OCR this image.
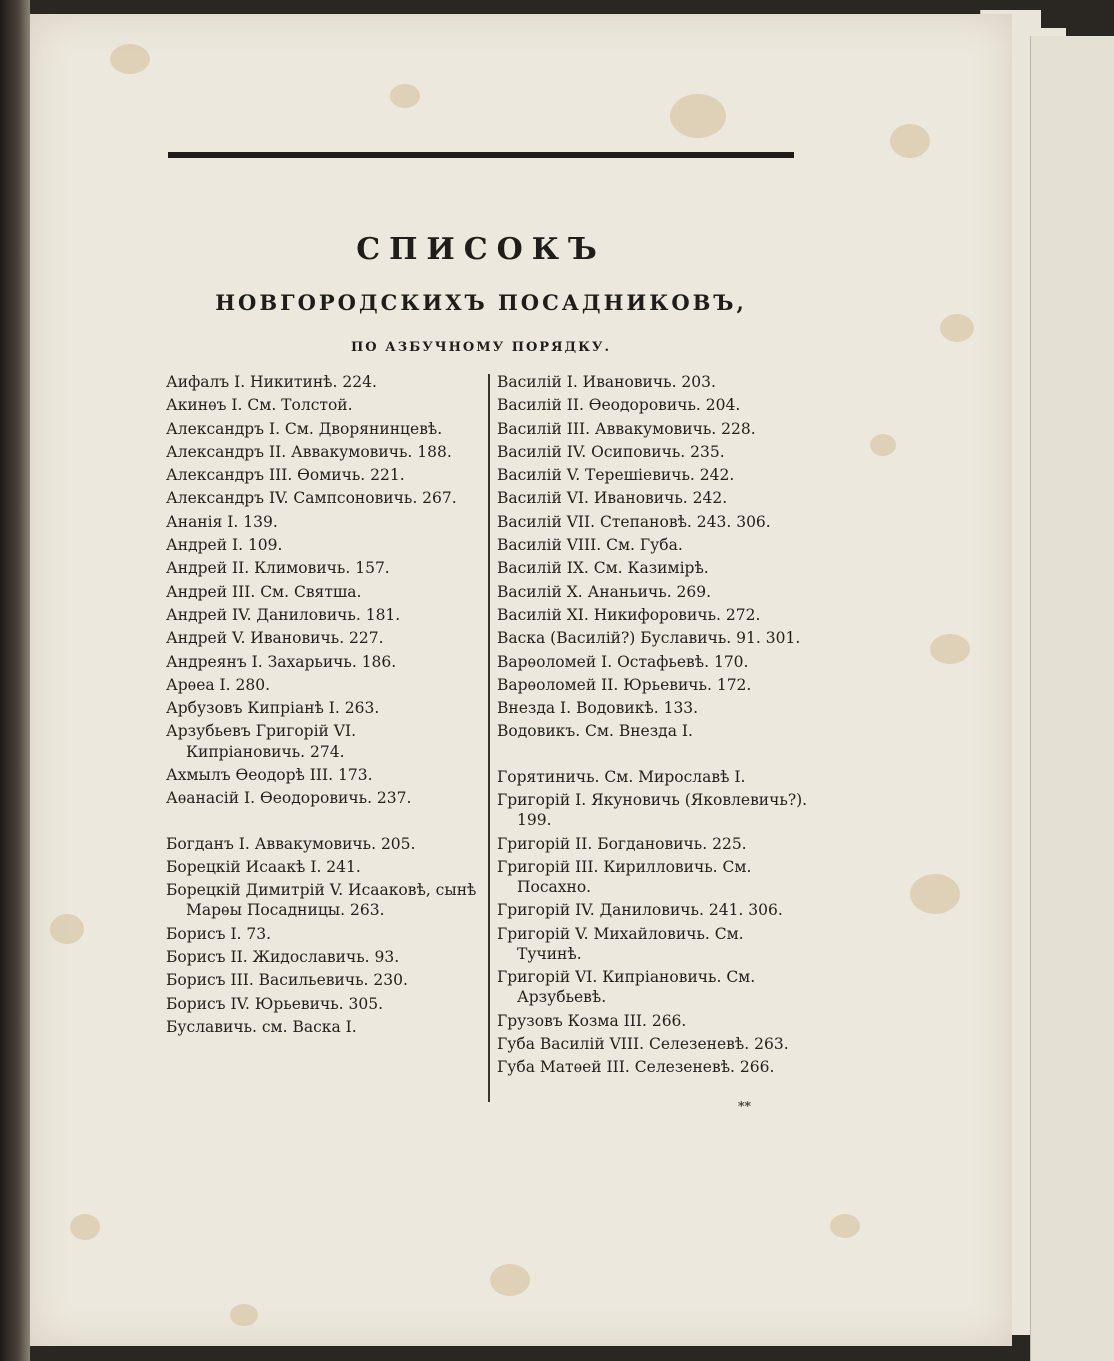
СПИСОКЪ
НОВГОРОДСКИХЪ ПОСАДНИКОВЪ,
ПО АЗБУЧНОМУ ПОРЯДКУ.
Аифалъ I. Никитинѣ. 224.
Акинѳъ I. См. Толстой.
Александръ I. См. Дворянинцевѣ.
Александръ II. Аввакумовичь. 188.
Александръ III. Ѳомичь. 221.
Александръ IV. Сампсоновичь. 267.
Ананія I. 139.
Андрей I. 109.
Андрей II. Климовичь. 157.
Андрей III. См. Святша.
Андрей IV. Даниловичь. 181.
Андрей V. Ивановичь. 227.
Андреянъ I. Захарьичь. 186.
Арѳеа I. 280.
Арбузовъ Кипріанѣ I. 263.
Арзубьевъ Григорій VI. Кипріановичь. 274.
Ахмылъ Ѳеодорѣ III. 173.
Аѳанасій I. Ѳеодоровичь. 237.
Богданъ I. Аввакумовичь. 205.
Борецкій Исаакѣ I. 241.
Борецкій Димитрій V. Исааковѣ, сынѣ Марѳы Посадницы. 263.
Борисъ I. 73.
Борисъ II. Жидославичь. 93.
Борисъ III. Васильевичь. 230.
Борисъ IV. Юрьевичь. 305.
Буславичь. см. Васка I.
Василій I. Ивановичь. 203.
Василій II. Ѳеодоровичь. 204.
Василій III. Аввакумовичь. 228.
Василій IV. Осиповичь. 235.
Василій V. Терешіевичь. 242.
Василій VI. Ивановичь. 242.
Василій VII. Степановѣ. 243. 306.
Василій VIII. См. Губа.
Василій IX. См. Казимірѣ.
Василій X. Ананьичь. 269.
Василій XI. Никифоровичь. 272.
Васка (Василій?) Буславичь. 91. 301.
Варѳоломей I. Остафьевѣ. 170.
Варѳоломей II. Юрьевичь. 172.
Внезда I. Водовикѣ. 133.
Водовикъ. См. Внезда I.
Горятиничь. См. Мирославѣ I.
Григорій I. Якуновичь (Яковлевичь?). 199.
Григорій II. Богдановичь. 225.
Григорій III. Кирилловичь. См. Посахно.
Григорій IV. Даниловичь. 241. 306.
Григорій V. Михайловичь. См. Тучинѣ.
Григорій VI. Кипріановичь. См. Арзубьевѣ.
Грузовъ Козма III. 266.
Губа Василій VIII. Селезеневѣ. 263.
Губа Матѳей III. Селезеневѣ. 266.
**
